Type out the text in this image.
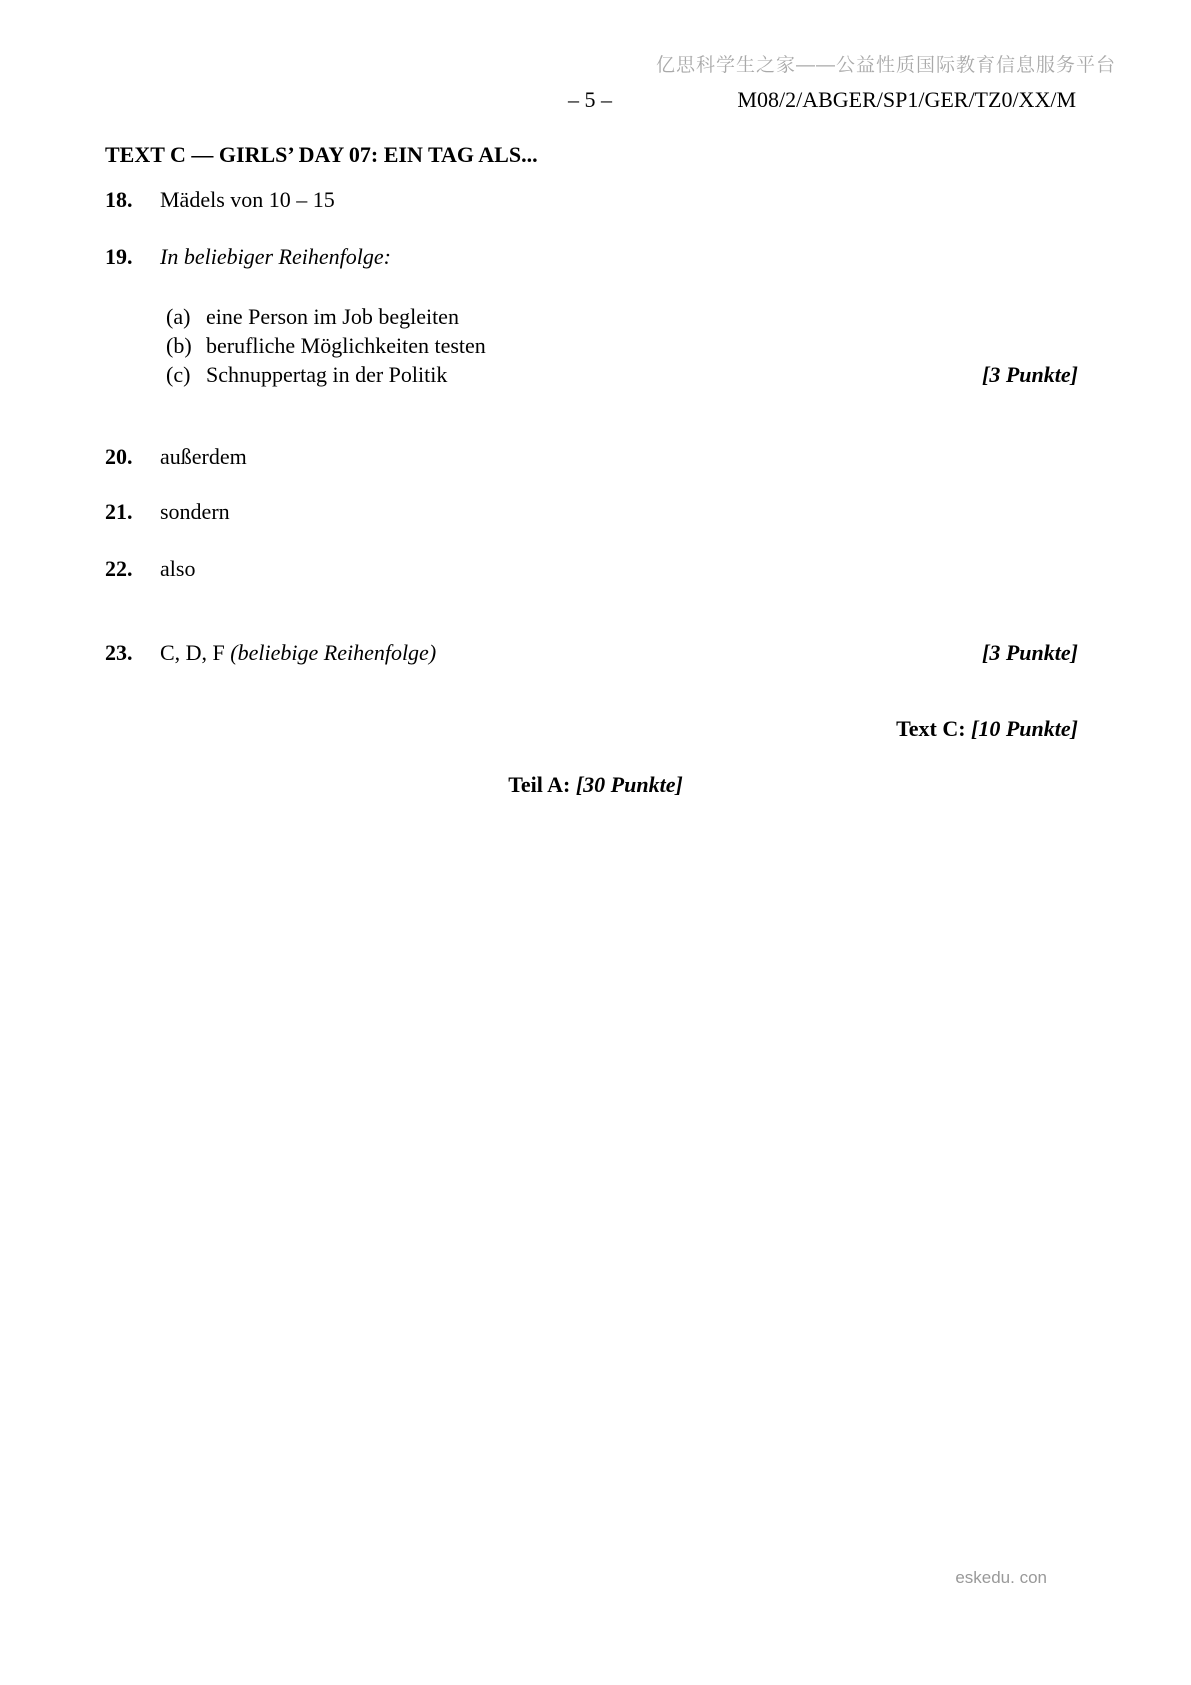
亿思科学生之家——公益性质国际教育信息服务平台
– 5 –	M08/2/ABGER/SP1/GER/TZ0/XX/M
TEXT C — GIRLS’ DAY 07: EIN TAG ALS...
18. Mädels von 10 – 15
19. In beliebiger Reihenfolge:
(a) eine Person im Job begleiten
(b) berufliche Möglichkeiten testen
(c) Schnuppertag in der Politik	[3 Punkte]
20. außerdem
21. sondern
22. also
23. C, D, F (beliebige Reihenfolge)	[3 Punkte]
Text C: [10 Punkte]
Teil A: [30 Punkte]
eskedu. con
